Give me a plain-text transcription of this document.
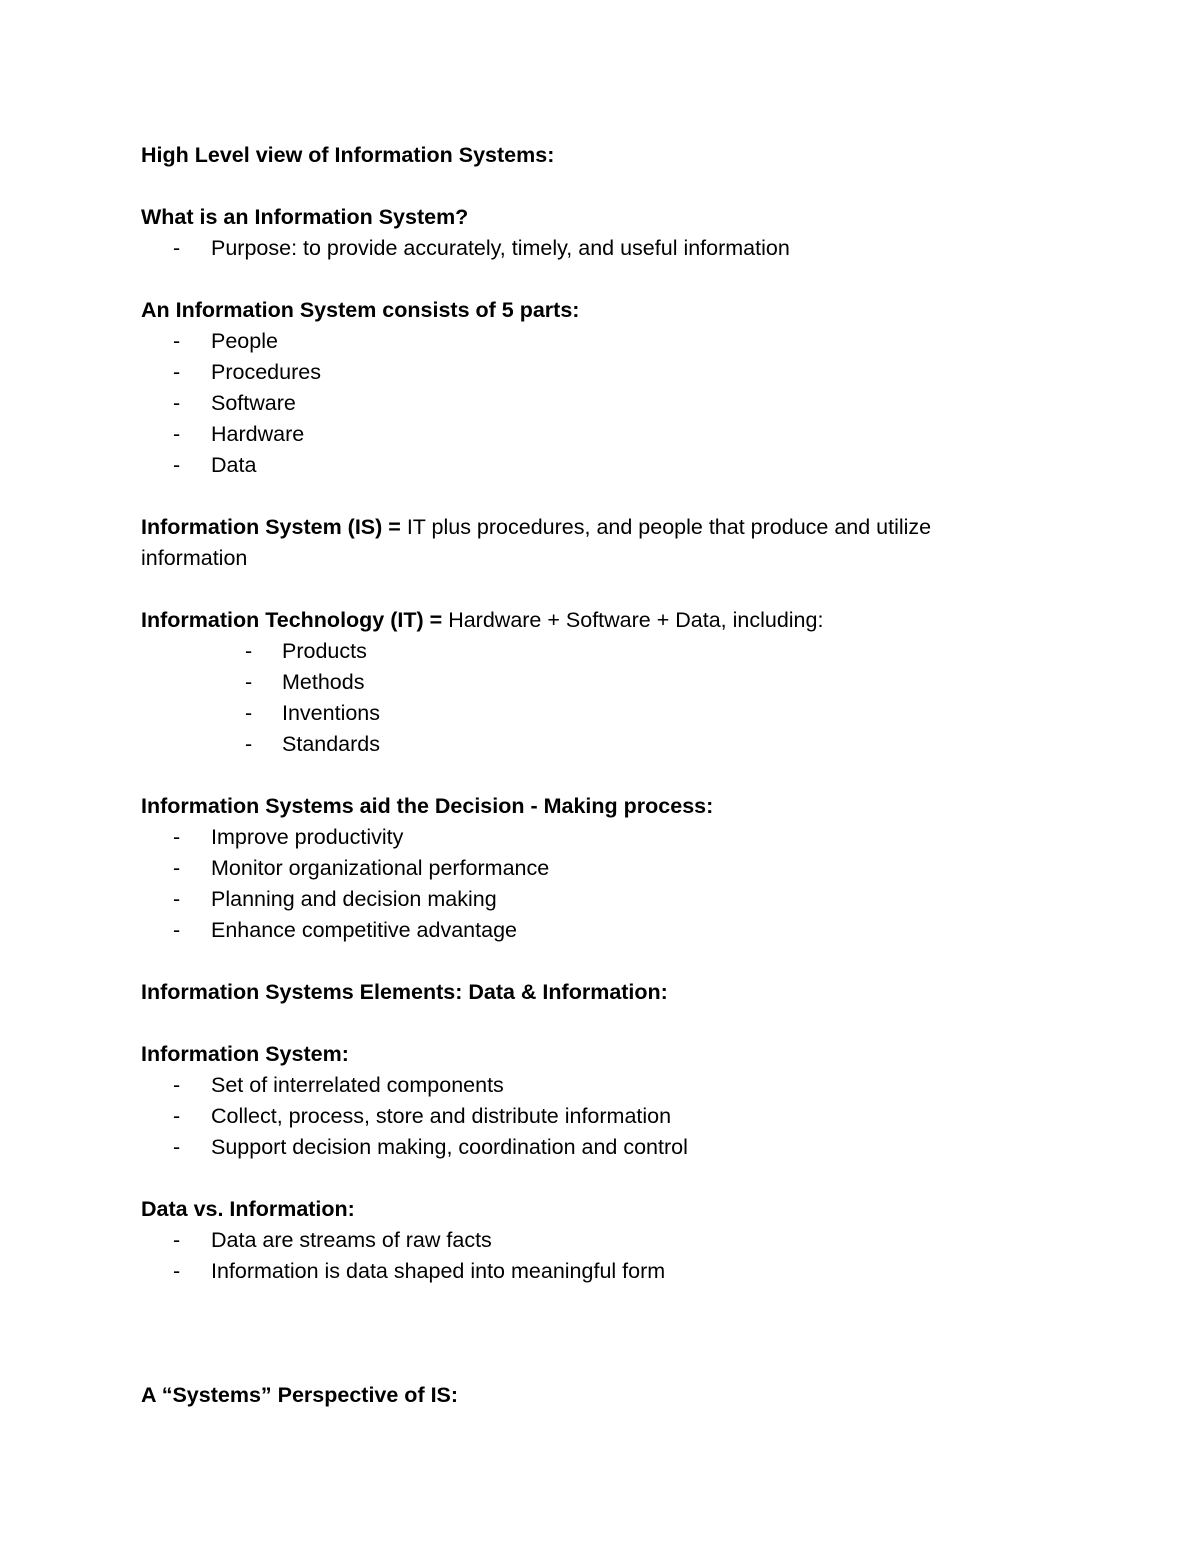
High Level view of Information Systems:
What is an Information System?
- Purpose: to provide accurately, timely, and useful information
An Information System consists of 5 parts:
- People
- Procedures
- Software
- Hardware
- Data
Information System (IS) = IT plus procedures, and people that produce and utilize information
Information Technology (IT) = Hardware + Software + Data, including:
- Products
- Methods
- Inventions
- Standards
Information Systems aid the Decision - Making process:
- Improve productivity
- Monitor organizational performance
- Planning and decision making
- Enhance competitive advantage
Information Systems Elements: Data & Information:
Information System:
- Set of interrelated components
- Collect, process, store and distribute information
- Support decision making, coordination and control
Data vs. Information:
- Data are streams of raw facts
- Information is data shaped into meaningful form
A “Systems” Perspective of IS:
